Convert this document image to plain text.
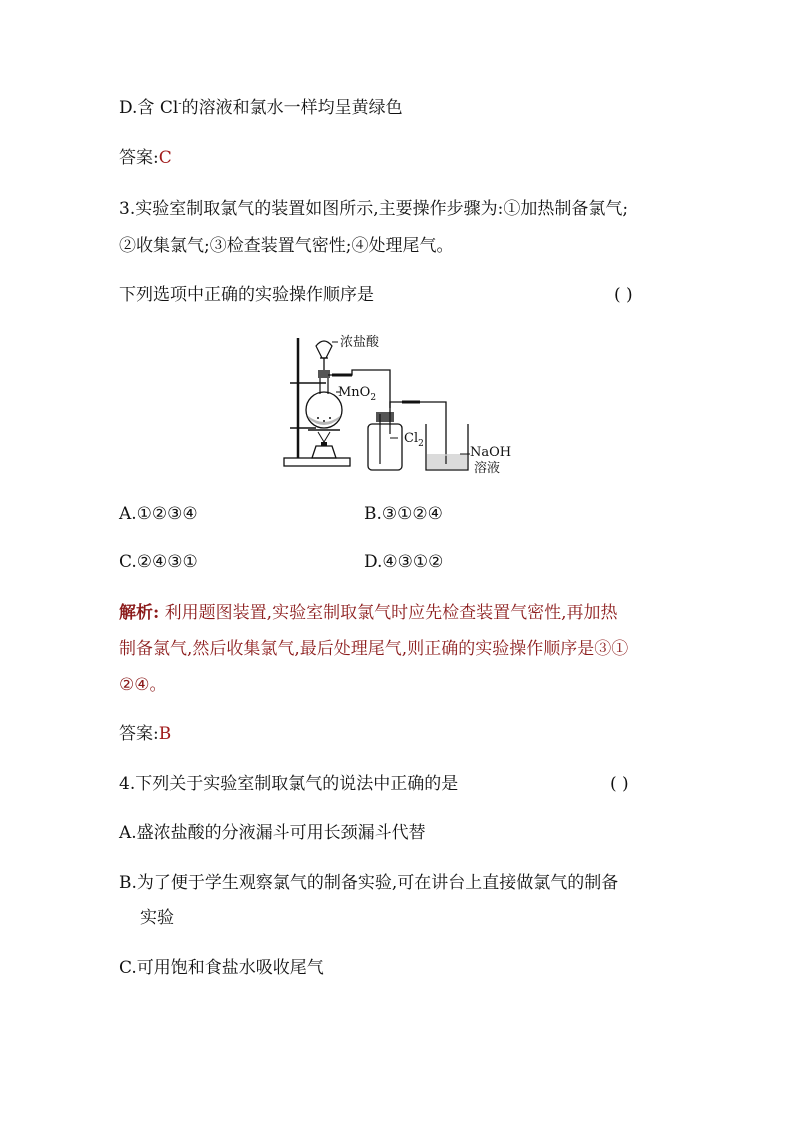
D.含 Cl-的溶液和氯水一样均呈黄绿色
答案:C
3.实验室制取氯气的装置如图所示,主要操作步骤为:①加热制备氯气;
②收集氯气;③检查装置气密性;④处理尾气。
下列选项中正确的实验操作顺序是	( )
浓盐酸
MnO$_2$
$Cl_2$
NaOH
溶液
A.①②③④	B.③①②④
C.②④③①	D.④③①②
解析: 利用题图装置,实验室制取氯气时应先检查装置气密性,再加热
制备氯气,然后收集氯气,最后处理尾气,则正确的实验操作顺序是③①
②④。
答案:B
4.下列关于实验室制取氯气的说法中正确的是	( )
A.盛浓盐酸的分液漏斗可用长颈漏斗代替
B.为了便于学生观察氯气的制备实验,可在讲台上直接做氯气的制备
实验
C.可用饱和食盐水吸收尾气
